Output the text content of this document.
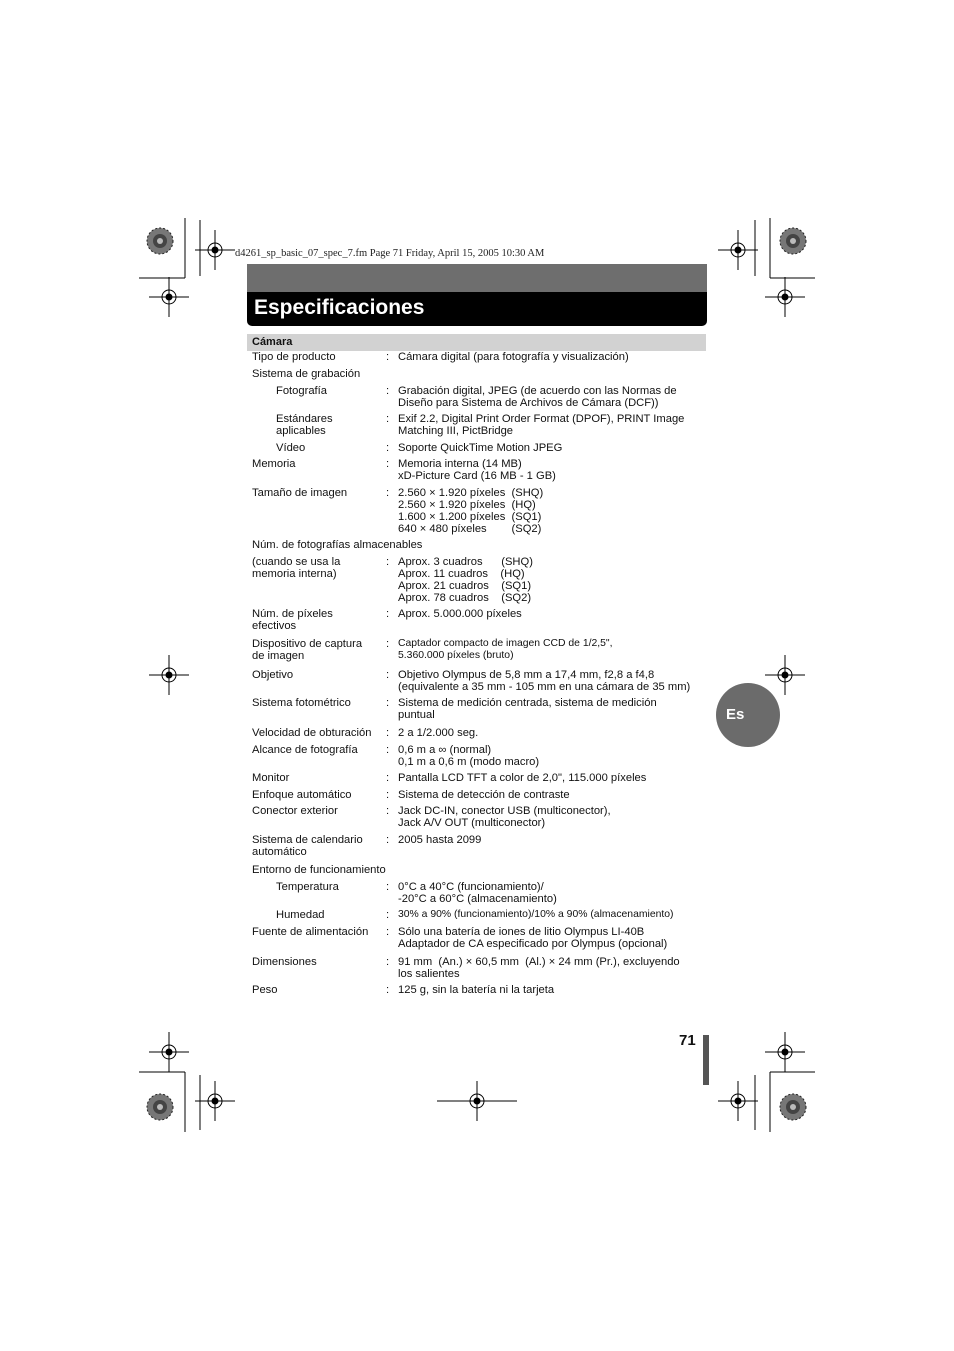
d4261_sp_basic_07_spec_7.fm Page 71 Friday, April 15, 2005 10:30 AM
Especificaciones
Cámara
Tipo de producto	: Cámara digital (para fotografía y visualización)
Sistema de grabación
Fotografía	: Grabación digital, JPEG (de acuerdo con las Normas de
Diseño para Sistema de Archivos de Cámara (DCF))
Estándares
aplicables
: Exif 2.2, Digital Print Order Format (DPOF), PRINT Image
Matching III, PictBridge
Vídeo	: Soporte QuickTime Motion JPEG
Memoria	: Memoria interna (14 MB)
xD-Picture Card (16 MB - 1 GB)
Tamaño de imagen	: 2.560 × 1.920 píxeles  (SHQ)
2.560 × 1.920 píxeles  (HQ)
1.600 × 1.200 píxeles  (SQ1)
640 × 480 píxeles        (SQ2)
Núm. de fotografías almacenables
(cuando se usa la
memoria interna)
: Aprox. 3 cuadros      (SHQ)
Aprox. 11 cuadros    (HQ)
Aprox. 21 cuadros    (SQ1)
Aprox. 78 cuadros    (SQ2)
Núm. de píxeles
efectivos
: Aprox. 5.000.000 píxeles
Dispositivo de captura
de imagen
: Captador compacto de imagen CCD de 1/2,5",
5.360.000 píxeles (bruto)
Objetivo	: Objetivo Olympus de 5,8 mm a 17,4 mm, f2,8 a f4,8
(equivalente a 35 mm - 105 mm en una cámara de 35 mm)
Sistema fotométrico	: Sistema de medición centrada, sistema de medición
puntual
Velocidad de obturación	: 2 a 1/2.000 seg.
Alcance de fotografía	: 0,6 m a ∞ (normal)
0,1 m a 0,6 m (modo macro)
Monitor	: Pantalla LCD TFT a color de 2,0", 115.000 píxeles
Enfoque automático	: Sistema de detección de contraste
Conector exterior	: Jack DC-IN, conector USB (multiconector),
Jack A/V OUT (multiconector)
Sistema de calendario
automático
: 2005 hasta 2099
Entorno de funcionamiento
Temperatura	: 0°C a 40°C (funcionamiento)/
-20°C a 60°C (almacenamiento)
Humedad	: 30% a 90% (funcionamiento)/10% a 90% (almacenamiento)
Fuente de alimentación	: Sólo una batería de iones de litio Olympus LI-40B
Adaptador de CA especificado por Olympus (opcional)
Dimensiones	: 91 mm  (An.) × 60,5 mm  (Al.) × 24 mm (Pr.), excluyendo
los salientes
Peso	: 125 g, sin la batería ni la tarjeta
Es
71
